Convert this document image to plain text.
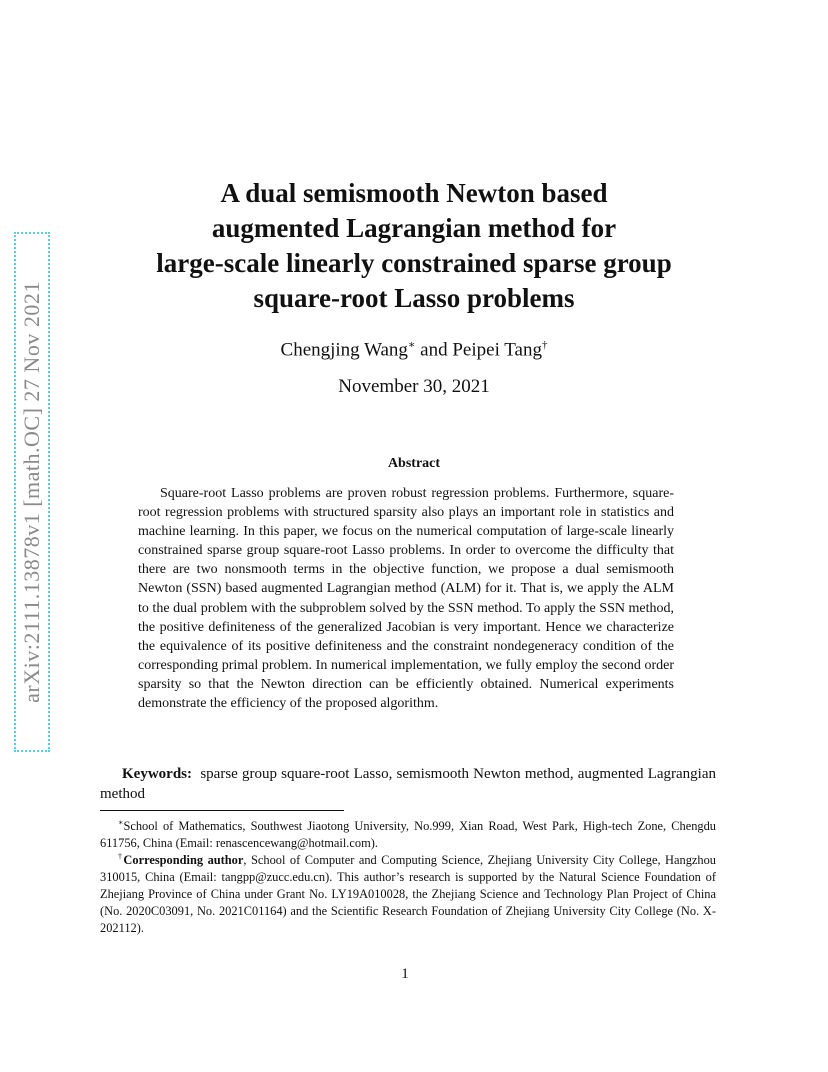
arXiv:2111.13878v1 [math.OC] 27 Nov 2021
A dual semismooth Newton based
augmented Lagrangian method for
large-scale linearly constrained sparse group
square-root Lasso problems
Chengjing Wang∗ and Peipei Tang†
November 30, 2021
Abstract

Square-root Lasso problems are proven robust regression problems. Furthermore, square-root regression problems with structured sparsity also plays an important role in statistics and machine learning. In this paper, we focus on the numerical computation of large-scale linearly constrained sparse group square-root Lasso problems. In order to overcome the difficulty that there are two nonsmooth terms in the objective function, we propose a dual semismooth Newton (SSN) based augmented Lagrangian method (ALM) for it. That is, we apply the ALM to the dual problem with the subproblem solved by the SSN method. To apply the SSN method, the positive definiteness of the generalized Jacobian is very important. Hence we characterize the equivalence of its positive definiteness and the constraint nondegeneracy condition of the corresponding primal problem. In numerical implementation, we fully employ the second order sparsity so that the Newton direction can be efficiently obtained. Numerical experiments demonstrate the efficiency of the proposed algorithm.

Keywords: sparse group square-root Lasso, semismooth Newton method, augmented Lagrangian method

∗School of Mathematics, Southwest Jiaotong University, No.999, Xian Road, West Park, High-tech Zone, Chengdu 611756, China (Email: renascencewang@hotmail.com).

†Corresponding author, School of Computer and Computing Science, Zhejiang University City College, Hangzhou 310015, China (Email: tangpp@zucc.edu.cn). This author’s research is supported by the Natural Science Foundation of Zhejiang Province of China under Grant No. LY19A010028, the Zhejiang Science and Technology Plan Project of China (No. 2020C03091, No. 2021C01164) and the Scientific Research Foundation of Zhejiang University City College (No. X-202112).

1
